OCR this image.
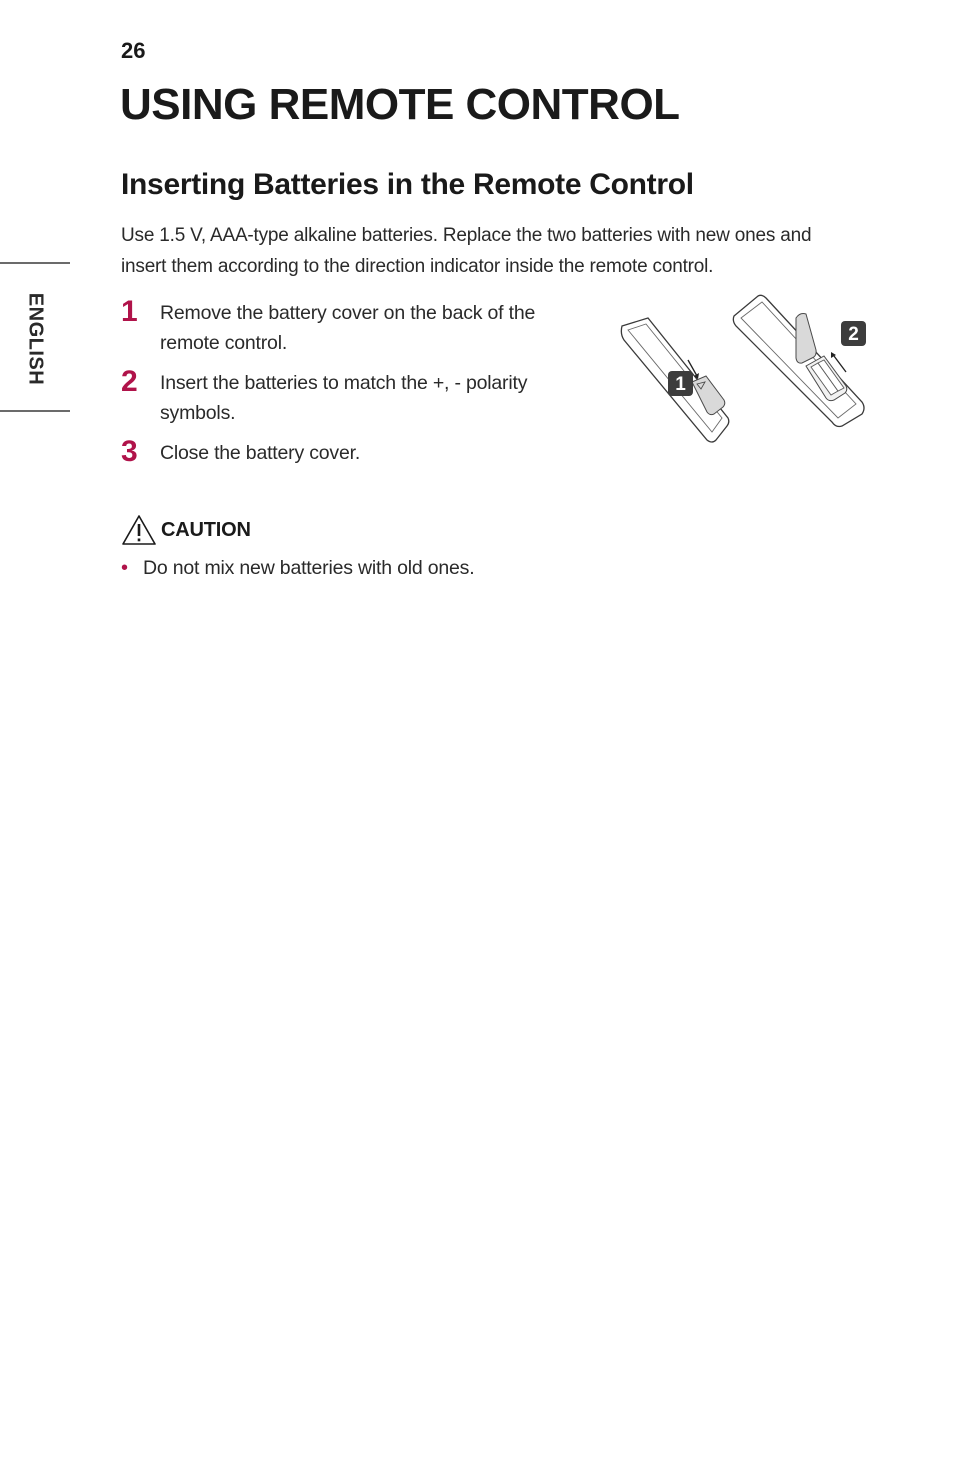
ENGLISH
26
USING REMOTE CONTROL
Inserting Batteries in the Remote Control

Use 1.5 V, AAA-type alkaline batteries. Replace the two batteries with new ones and insert them according to the direction indicator inside the remote control.

1 Remove the battery cover on the back of the remote control.
2 Insert the batteries to match the +, - polarity symbols.
3 Close the battery cover.
1
2
CAUTION
• Do not mix new batteries with old ones.
